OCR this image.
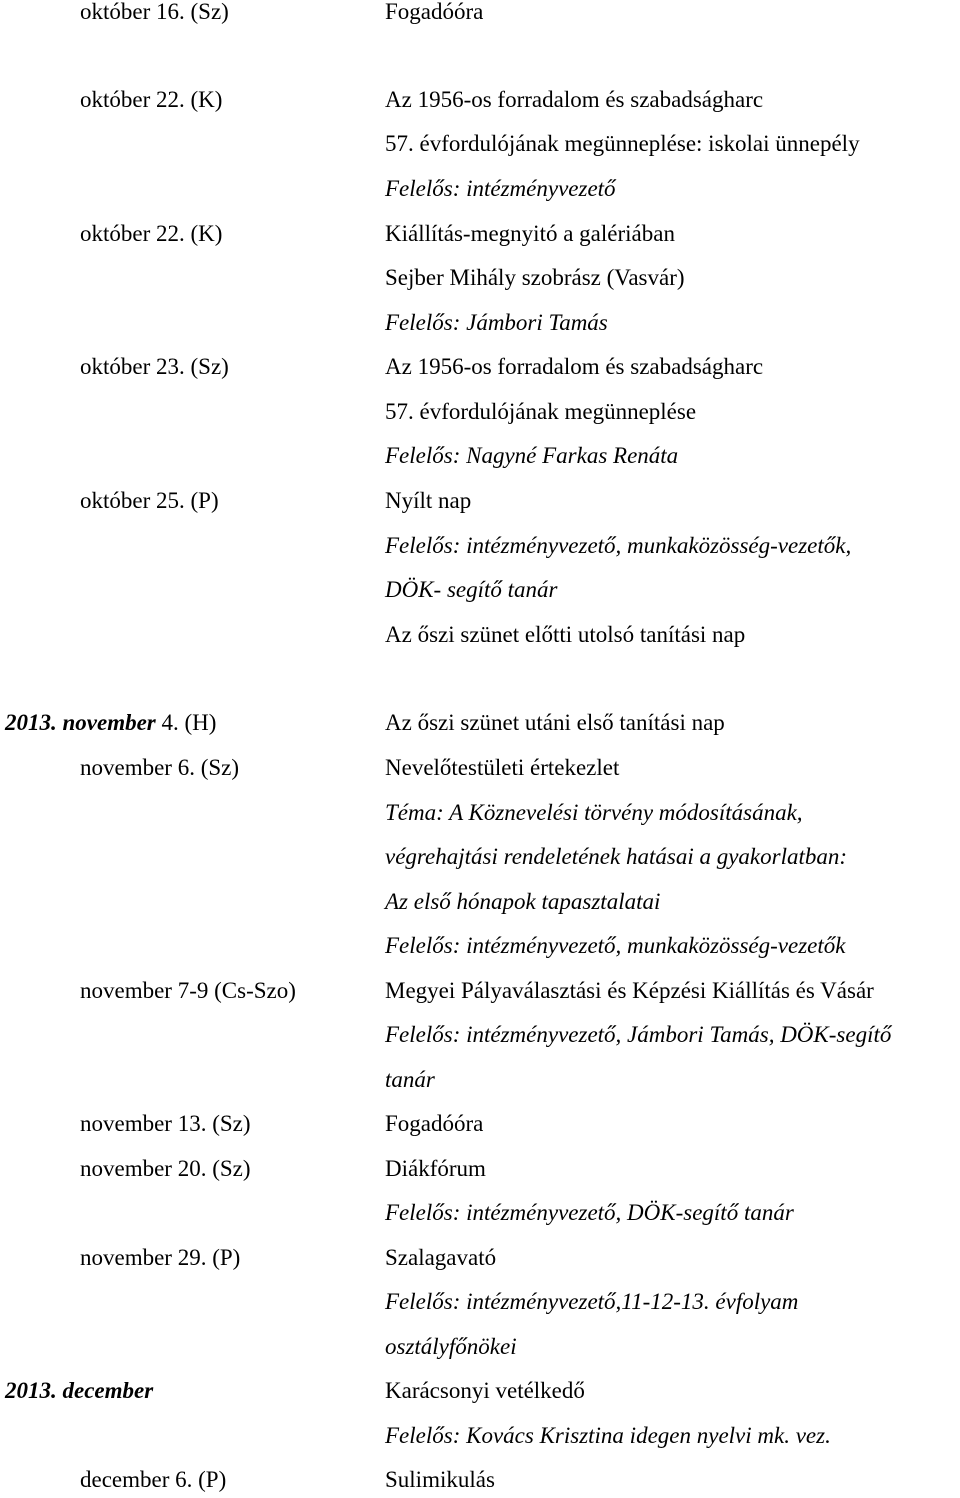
október 16. (Sz)	Fogadóóra
október 22. (K)	Az 1956-os forradalom és szabadságharc
57. évfordulójának megünneplése: iskolai ünnepély
Felelős: intézményvezető
október 22. (K)	Kiállítás-megnyitó a galériában
Sejber Mihály szobrász (Vasvár)
Felelős: Jámbori Tamás
október 23. (Sz)	Az 1956-os forradalom és szabadságharc
57. évfordulójának megünneplése
Felelős: Nagyné Farkas Renáta
október 25. (P)	Nyílt nap
Felelős: intézményvezető, munkaközösség-vezetők,
DÖK- segítő tanár
Az őszi szünet előtti utolsó tanítási nap
2013. november 4. (H)	Az őszi szünet utáni első tanítási nap
november 6. (Sz)	Nevelőtestületi értekezlet
Téma: A Köznevelési törvény módosításának,
végrehajtási rendeletének hatásai a gyakorlatban:
Az első hónapok tapasztalatai
Felelős: intézményvezető, munkaközösség-vezetők
november 7-9 (Cs-Szo)	Megyei Pályaválasztási és Képzési Kiállítás és Vásár
Felelős: intézményvezető, Jámbori Tamás, DÖK-segítő
tanár
november 13. (Sz)	Fogadóóra
november 20. (Sz)	Diákfórum
Felelős: intézményvezető, DÖK-segítő tanár
november 29. (P)	Szalagavató
Felelős: intézményvezető,11-12-13. évfolyam
osztályfőnökei
2013. december	Karácsonyi vetélkedő
Felelős: Kovács Krisztina idegen nyelvi mk. vez.
december 6. (P)	Sulimikulás
